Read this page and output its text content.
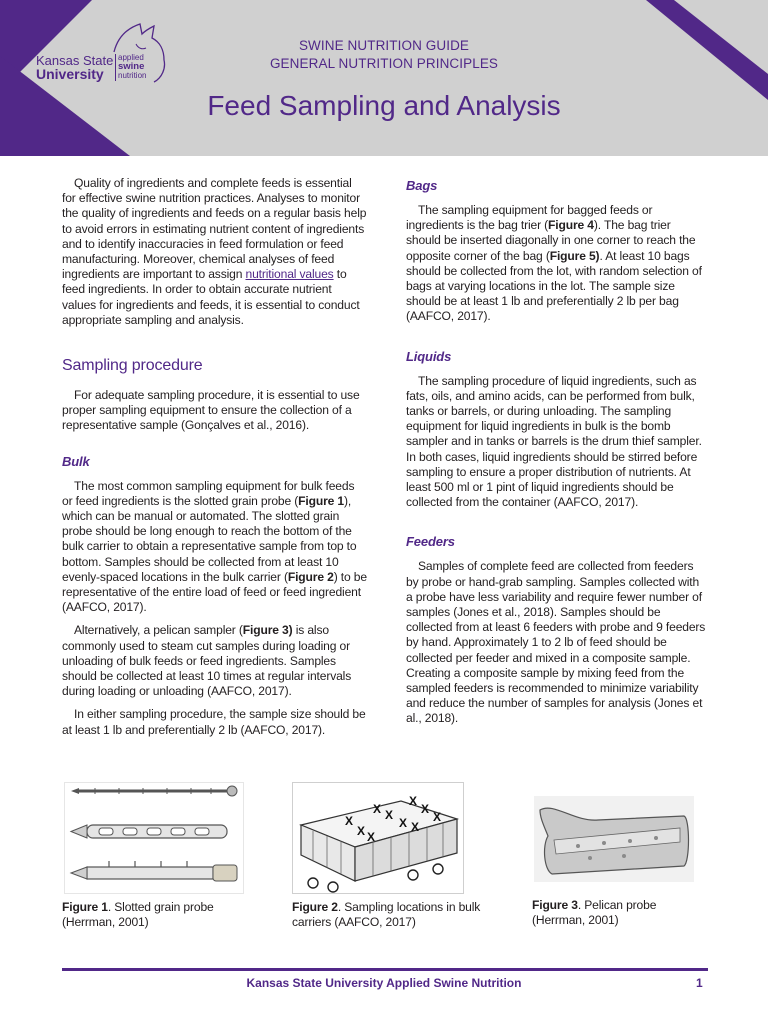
Kansas State
University
applied
swine
nutrition
SWINE NUTRITION GUIDE
GENERAL NUTRITION PRINCIPLES
Feed Sampling and Analysis

Quality of ingredients and complete feeds is essential for effective swine nutrition practices. Analyses to monitor the quality of ingredients and feeds on a regular basis help to avoid errors in estimating nutrient content of ingredients and to identify inaccuracies in feed formulation or feed manufacturing. Moreover, chemical analyses of feed ingredients are important to assign nutritional values to feed ingredients. In order to obtain accurate nutrient values for ingredients and feeds, it is essential to conduct appropriate sampling and analysis.

Sampling procedure

For adequate sampling procedure, it is essential to use proper sampling equipment to ensure the collection of a representative sample (Gonçalves et al., 2016).

Bulk

The most common sampling equipment for bulk feeds or feed ingredients is the slotted grain probe (Figure 1), which can be manual or automated. The slotted grain probe should be long enough to reach the bottom of the bulk carrier to obtain a representative sample from top to bottom. Samples should be collected from at least 10 evenly-spaced locations in the bulk carrier (Figure 2) to be representative of the entire load of feed or feed ingredient (AAFCO, 2017).

Alternatively, a pelican sampler (Figure 3) is also commonly used to steam cut samples during loading or unloading of bulk feeds or feed ingredients. Samples should be collected at least 10 times at regular intervals during loading or unloading (AAFCO, 2017).

In either sampling procedure, the sample size should be at least 1 lb and preferentially 2 lb (AAFCO, 2017).

Bags

The sampling equipment for bagged feeds or ingredients is the bag trier (Figure 4). The bag trier should be inserted diagonally in one corner to reach the opposite corner of the bag (Figure 5). At least 10 bags should be collected from the lot, with random selection of bags at varying locations in the lot. The sample size should be at least 1 lb and preferentially 2 lb per bag (AAFCO, 2017).

Liquids

The sampling procedure of liquid ingredients, such as fats, oils, and amino acids, can be performed from bulk, tanks or barrels, or during unloading. The sampling equipment for liquid ingredients in bulk is the bomb sampler and in tanks or barrels is the drum thief sampler. In both cases, liquid ingredients should be stirred before sampling to ensure a proper distribution of nutrients. At least 500 ml or 1 pint of liquid ingredients should be collected from the container (AAFCO, 2017).

Feeders

Samples of complete feed are collected from feeders by probe or hand-grab sampling. Samples collected with a probe have less variability and require fewer number of samples (Jones et al., 2018). Samples should be collected from at least 6 feeders with probe and 9 feeders by hand. Approximately 1 to 2 lb of feed should be collected per feeder and mixed in a composite sample. Creating a composite sample by mixing feed from the sampled feeders is recommended to minimize variability and reduce the number of samples for analysis (Jones et al., 2018).

X
X
X	X X
X
X X
X
X
Figure 1. Slotted grain probe (Herrman, 2001)
Figure 2. Sampling locations in bulk carriers (AAFCO, 2017)
Figure 3. Pelican probe (Herrman, 2001)
Kansas State University Applied Swine Nutrition	1
